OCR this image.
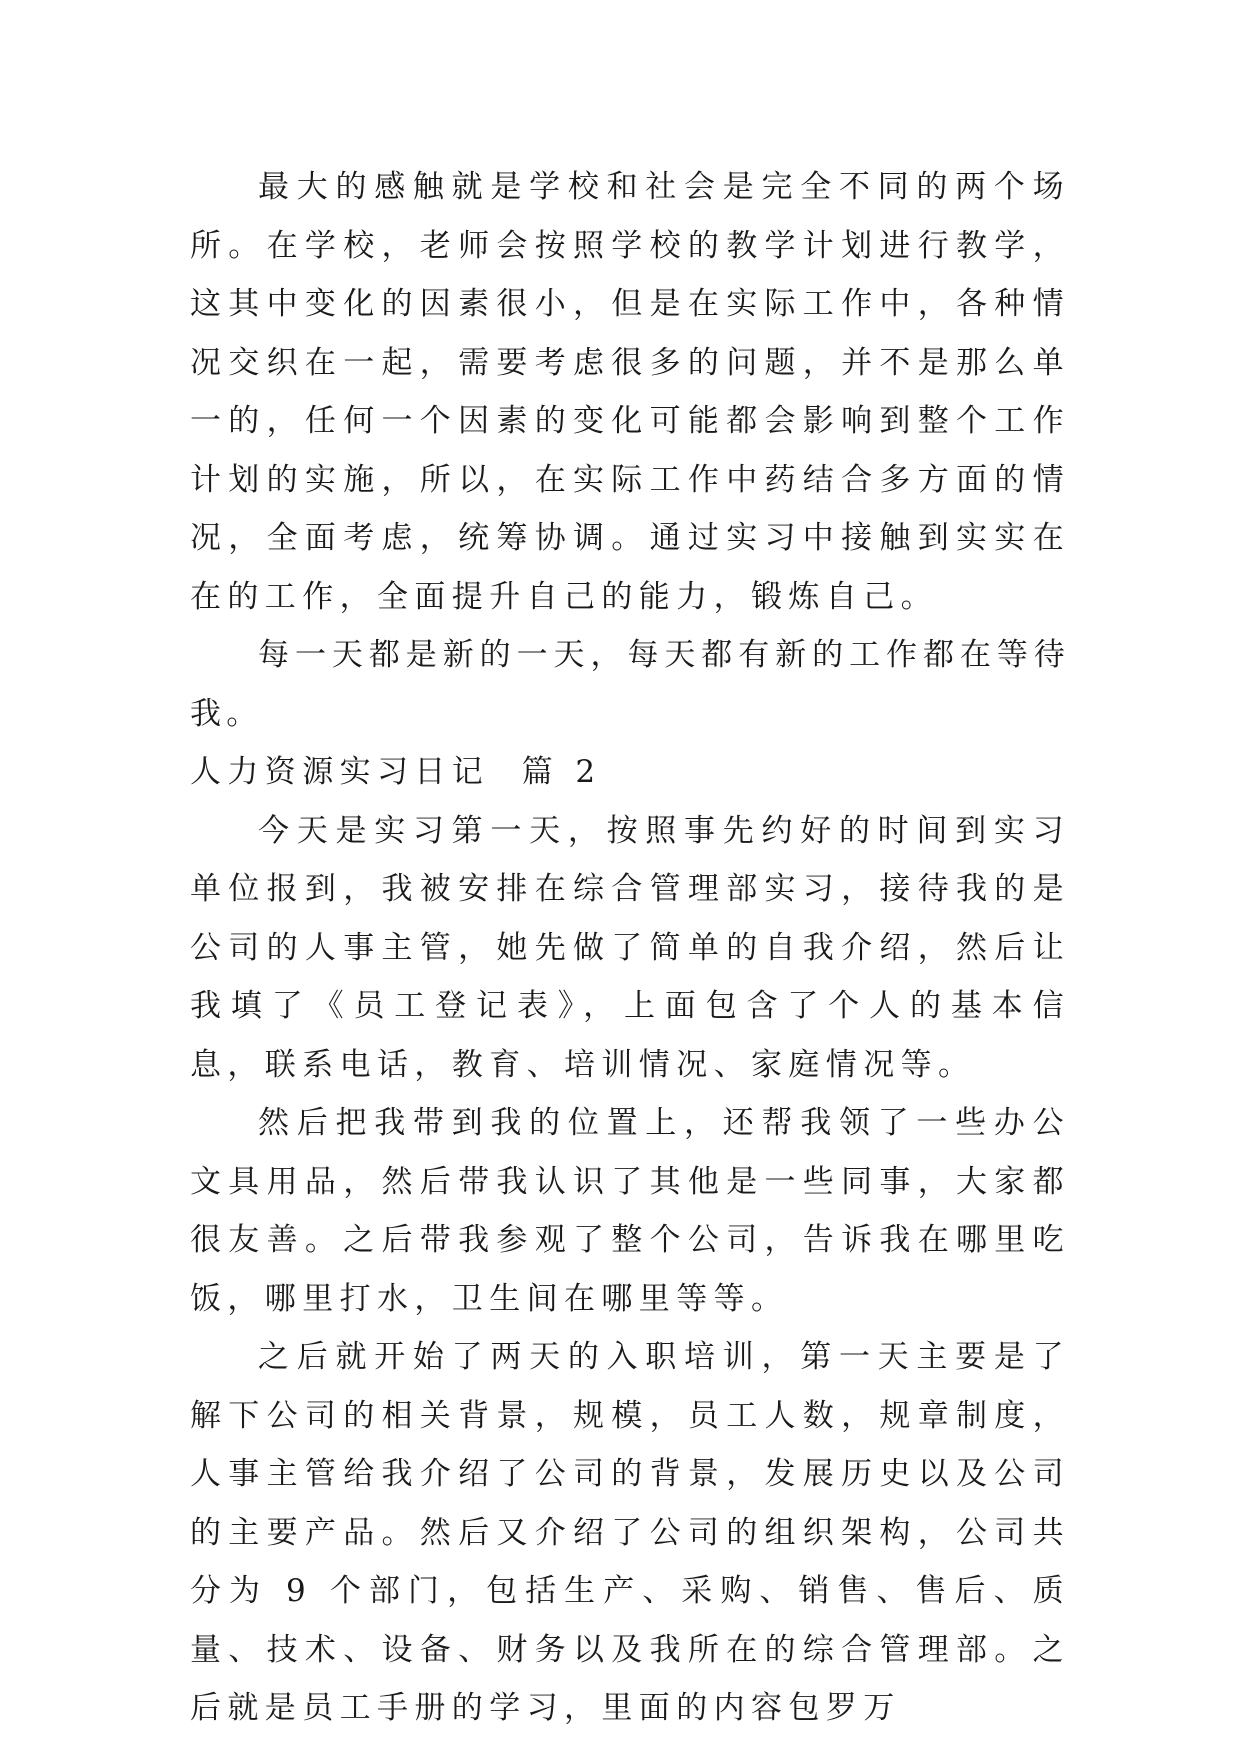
最大的感触就是学校和社会是完全不同的两个场所。在学校，老师会按照学校的教学计划进行教学，这其中变化的因素很小，但是在实际工作中，各种情况交织在一起，需要考虑很多的问题，并不是那么单一的，任何一个因素的变化可能都会影响到整个工作计划的实施，所以，在实际工作中药结合多方面的情况，全面考虑，统筹协调。通过实习中接触到实实在在的工作，全面提升自己的能力，锻炼自己。

每一天都是新的一天，每天都有新的工作都在等待我。

人力资源实习日记  篇 2

今天是实习第一天，按照事先约好的时间到实习单位报到，我被安排在综合管理部实习，接待我的是公司的人事主管，她先做了简单的自我介绍，然后让我填了《员工登记表》，上面包含了个人的基本信息，联系电话，教育、培训情况、家庭情况等。

然后把我带到我的位置上，还帮我领了一些办公文具用品，然后带我认识了其他是一些同事，大家都很友善。之后带我参观了整个公司，告诉我在哪里吃饭，哪里打水，卫生间在哪里等等。

之后就开始了两天的入职培训，第一天主要是了解下公司的相关背景，规模，员工人数，规章制度，人事主管给我介绍了公司的背景，发展历史以及公司的主要产品。然后又介绍了公司的组织架构，公司共分为 9 个部门，包括生产、采购、销售、售后、质量、技术、设备、财务以及我所在的综合管理部。之后就是员工手册的学习，里面的内容包罗万
